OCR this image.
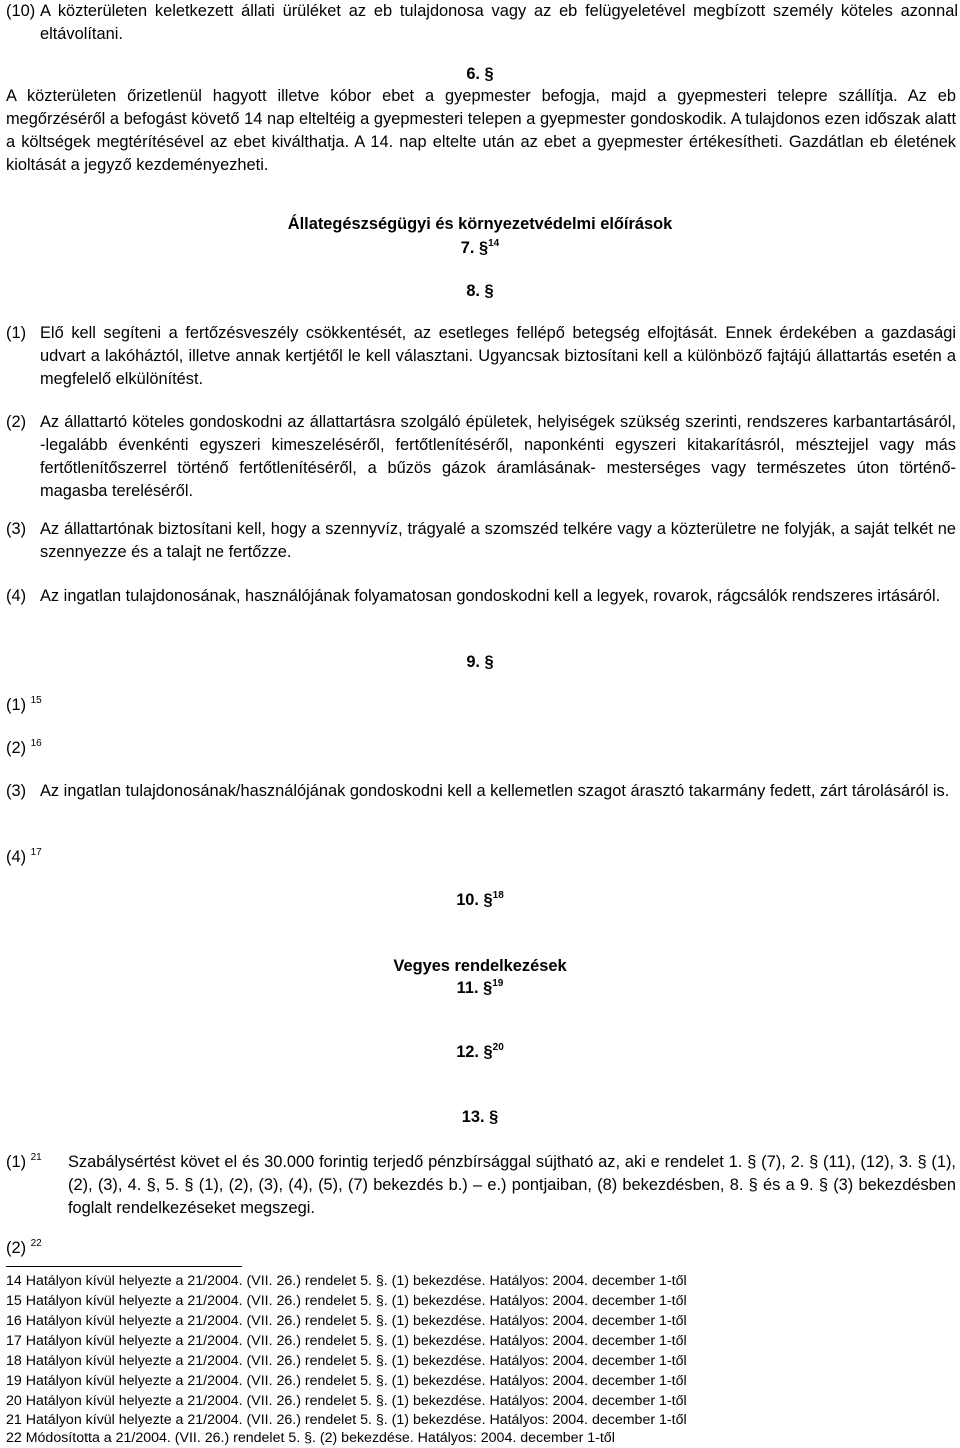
(10) A közterületen keletkezett állati ürüléket az eb tulajdonosa vagy az eb felügyeletével megbízott személy köteles azonnal eltávolítani.
6. §
A közterületen őrizetlenül hagyott illetve kóbor ebet a gyepmester befogja, majd a gyepmesteri telepre szállítja. Az eb megőrzéséről a befogást követő 14 nap elteltéig a gyepmesteri telepen a gyepmester gondoskodik. A tulajdonos ezen időszak alatt a költségek megtérítésével az ebet kiválthatja. A 14. nap eltelte után az ebet a gyepmester értékesítheti. Gazdátlan eb életének kioltását a jegyző kezdeményezheti.
Állategészségügyi és környezetvédelmi előírások
7. §$^{14}$
8. §
(1) Elő kell segíteni a fertőzésveszély csökkentését, az esetleges fellépő betegség elfojtását. Ennek érdekében a gazdasági udvart a lakóháztól, illetve annak kertjétől le kell választani. Ugyancsak biztosítani kell a különböző fajtájú állattartás esetén a megfelelő elkülönítést.
(2) Az állattartó köteles gondoskodni az állattartásra szolgáló épületek, helyiségek szükség szerinti, rendszeres karbantartásáról, -legalább évenkénti egyszeri kimeszeléséről, fertőtlenítéséről, naponkénti egyszeri kitakarításról, mésztejjel vagy más fertőtlenítőszerrel történő fertőtlenítéséről, a bűzös gázok áramlásának- mesterséges vagy természetes úton történő- magasba tereléséről.
(3) Az állattartónak biztosítani kell, hogy a szennyvíz, trágyalé a szomszéd telkére vagy a közterületre ne folyják, a saját telkét ne szennyezze és a talajt ne fertőzze.
(4) Az ingatlan tulajdonosának, használójának folyamatosan gondoskodni kell a legyek, rovarok, rágcsálók rendszeres irtásáról.
9. §
(1) $^{15}$
(2) $^{16}$
(3) Az ingatlan tulajdonosának/használójának gondoskodni kell a kellemetlen szagot árasztó takarmány fedett, zárt tárolásáról is.
(4) $^{17}$
10. §$^{18}$
Vegyes rendelkezések
11. §$^{19}$
12. §$^{20}$
13. §
(1) $^{21}$ Szabálysértést követ el és 30.000 forintig terjedő pénzbírsággal sújtható az, aki e rendelet 1. § (7), 2. § (11), (12), 3. § (1), (2), (3), 4. §, 5. § (1), (2), (3), (4), (5), (7) bekezdés b.) – e.) pontjaiban, (8) bekezdésben, 8. § és a 9. § (3) bekezdésben foglalt rendelkezéseket megszegi.
(2) $^{22}$
14 Hatályon kívül helyezte a 21/2004. (VII. 26.) rendelet 5. §. (1) bekezdése. Hatályos: 2004. december 1-től
15 Hatályon kívül helyezte a 21/2004. (VII. 26.) rendelet 5. §. (1) bekezdése. Hatályos: 2004. december 1-től
16 Hatályon kívül helyezte a 21/2004. (VII. 26.) rendelet 5. §. (1) bekezdése. Hatályos: 2004. december 1-től
17 Hatályon kívül helyezte a 21/2004. (VII. 26.) rendelet 5. §. (1) bekezdése. Hatályos: 2004. december 1-től
18 Hatályon kívül helyezte a 21/2004. (VII. 26.) rendelet 5. §. (1) bekezdése. Hatályos: 2004. december 1-től
19 Hatályon kívül helyezte a 21/2004. (VII. 26.) rendelet 5. §. (1) bekezdése. Hatályos: 2004. december 1-től
20 Hatályon kívül helyezte a 21/2004. (VII. 26.) rendelet 5. §. (1) bekezdése. Hatályos: 2004. december 1-től
21 Hatályon kívül helyezte a 21/2004. (VII. 26.) rendelet 5. §. (1) bekezdése. Hatályos: 2004. december 1-től
22 Módosította a 21/2004. (VII. 26.) rendelet 5. §. (2) bekezdése. Hatályos: 2004. december 1-től
